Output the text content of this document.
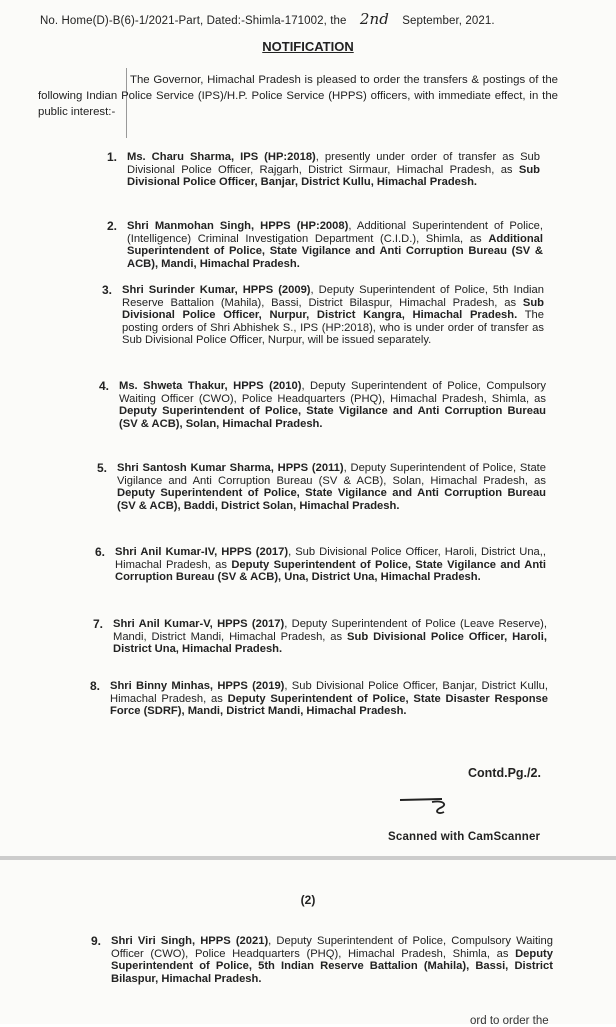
No. Home(D)-B(6)-1/2021-Part, Dated:-Shimla-171002, the 2nd September, 2021.
NOTIFICATION
The Governor, Himachal Pradesh is pleased to order the transfers & postings of the following Indian Police Service (IPS)/H.P. Police Service (HPPS) officers, with immediate effect, in the public interest:-
1. Ms. Charu Sharma, IPS (HP:2018), presently under order of transfer as Sub Divisional Police Officer, Rajgarh, District Sirmaur, Himachal Pradesh, as Sub Divisional Police Officer, Banjar, District Kullu, Himachal Pradesh.
2. Shri Manmohan Singh, HPPS (HP:2008), Additional Superintendent of Police, (Intelligence) Criminal Investigation Department (C.I.D.), Shimla, as Additional Superintendent of Police, State Vigilance and Anti Corruption Bureau (SV & ACB), Mandi, Himachal Pradesh.
3. Shri Surinder Kumar, HPPS (2009), Deputy Superintendent of Police, 5th Indian Reserve Battalion (Mahila), Bassi, District Bilaspur, Himachal Pradesh, as Sub Divisional Police Officer, Nurpur, District Kangra, Himachal Pradesh. The posting orders of Shri Abhishek S., IPS (HP:2018), who is under order of transfer as Sub Divisional Police Officer, Nurpur, will be issued separately.
4. Ms. Shweta Thakur, HPPS (2010), Deputy Superintendent of Police, Compulsory Waiting Officer (CWO), Police Headquarters (PHQ), Himachal Pradesh, Shimla, as Deputy Superintendent of Police, State Vigilance and Anti Corruption Bureau (SV & ACB), Solan, Himachal Pradesh.
5. Shri Santosh Kumar Sharma, HPPS (2011), Deputy Superintendent of Police, State Vigilance and Anti Corruption Bureau (SV & ACB), Solan, Himachal Pradesh, as Deputy Superintendent of Police, State Vigilance and Anti Corruption Bureau (SV & ACB), Baddi, District Solan, Himachal Pradesh.
6. Shri Anil Kumar-IV, HPPS (2017), Sub Divisional Police Officer, Haroli, District Una,, Himachal Pradesh, as Deputy Superintendent of Police, State Vigilance and Anti Corruption Bureau (SV & ACB), Una, District Una, Himachal Pradesh.
7. Shri Anil Kumar-V, HPPS (2017), Deputy Superintendent of Police (Leave Reserve), Mandi, District Mandi, Himachal Pradesh, as Sub Divisional Police Officer, Haroli, District Una, Himachal Pradesh.
8. Shri Binny Minhas, HPPS (2019), Sub Divisional Police Officer, Banjar, District Kullu, Himachal Pradesh, as Deputy Superintendent of Police, State Disaster Response Force (SDRF), Mandi, District Mandi, Himachal Pradesh.
Contd.Pg./2.
Scanned with CamScanner
(2)
9. Shri Viri Singh, HPPS (2021), Deputy Superintendent of Police, Compulsory Waiting Officer (CWO), Police Headquarters (PHQ), Himachal Pradesh, Shimla, as Deputy Superintendent of Police, 5th Indian Reserve Battalion (Mahila), Bassi, District Bilaspur, Himachal Pradesh.
ord to order the
